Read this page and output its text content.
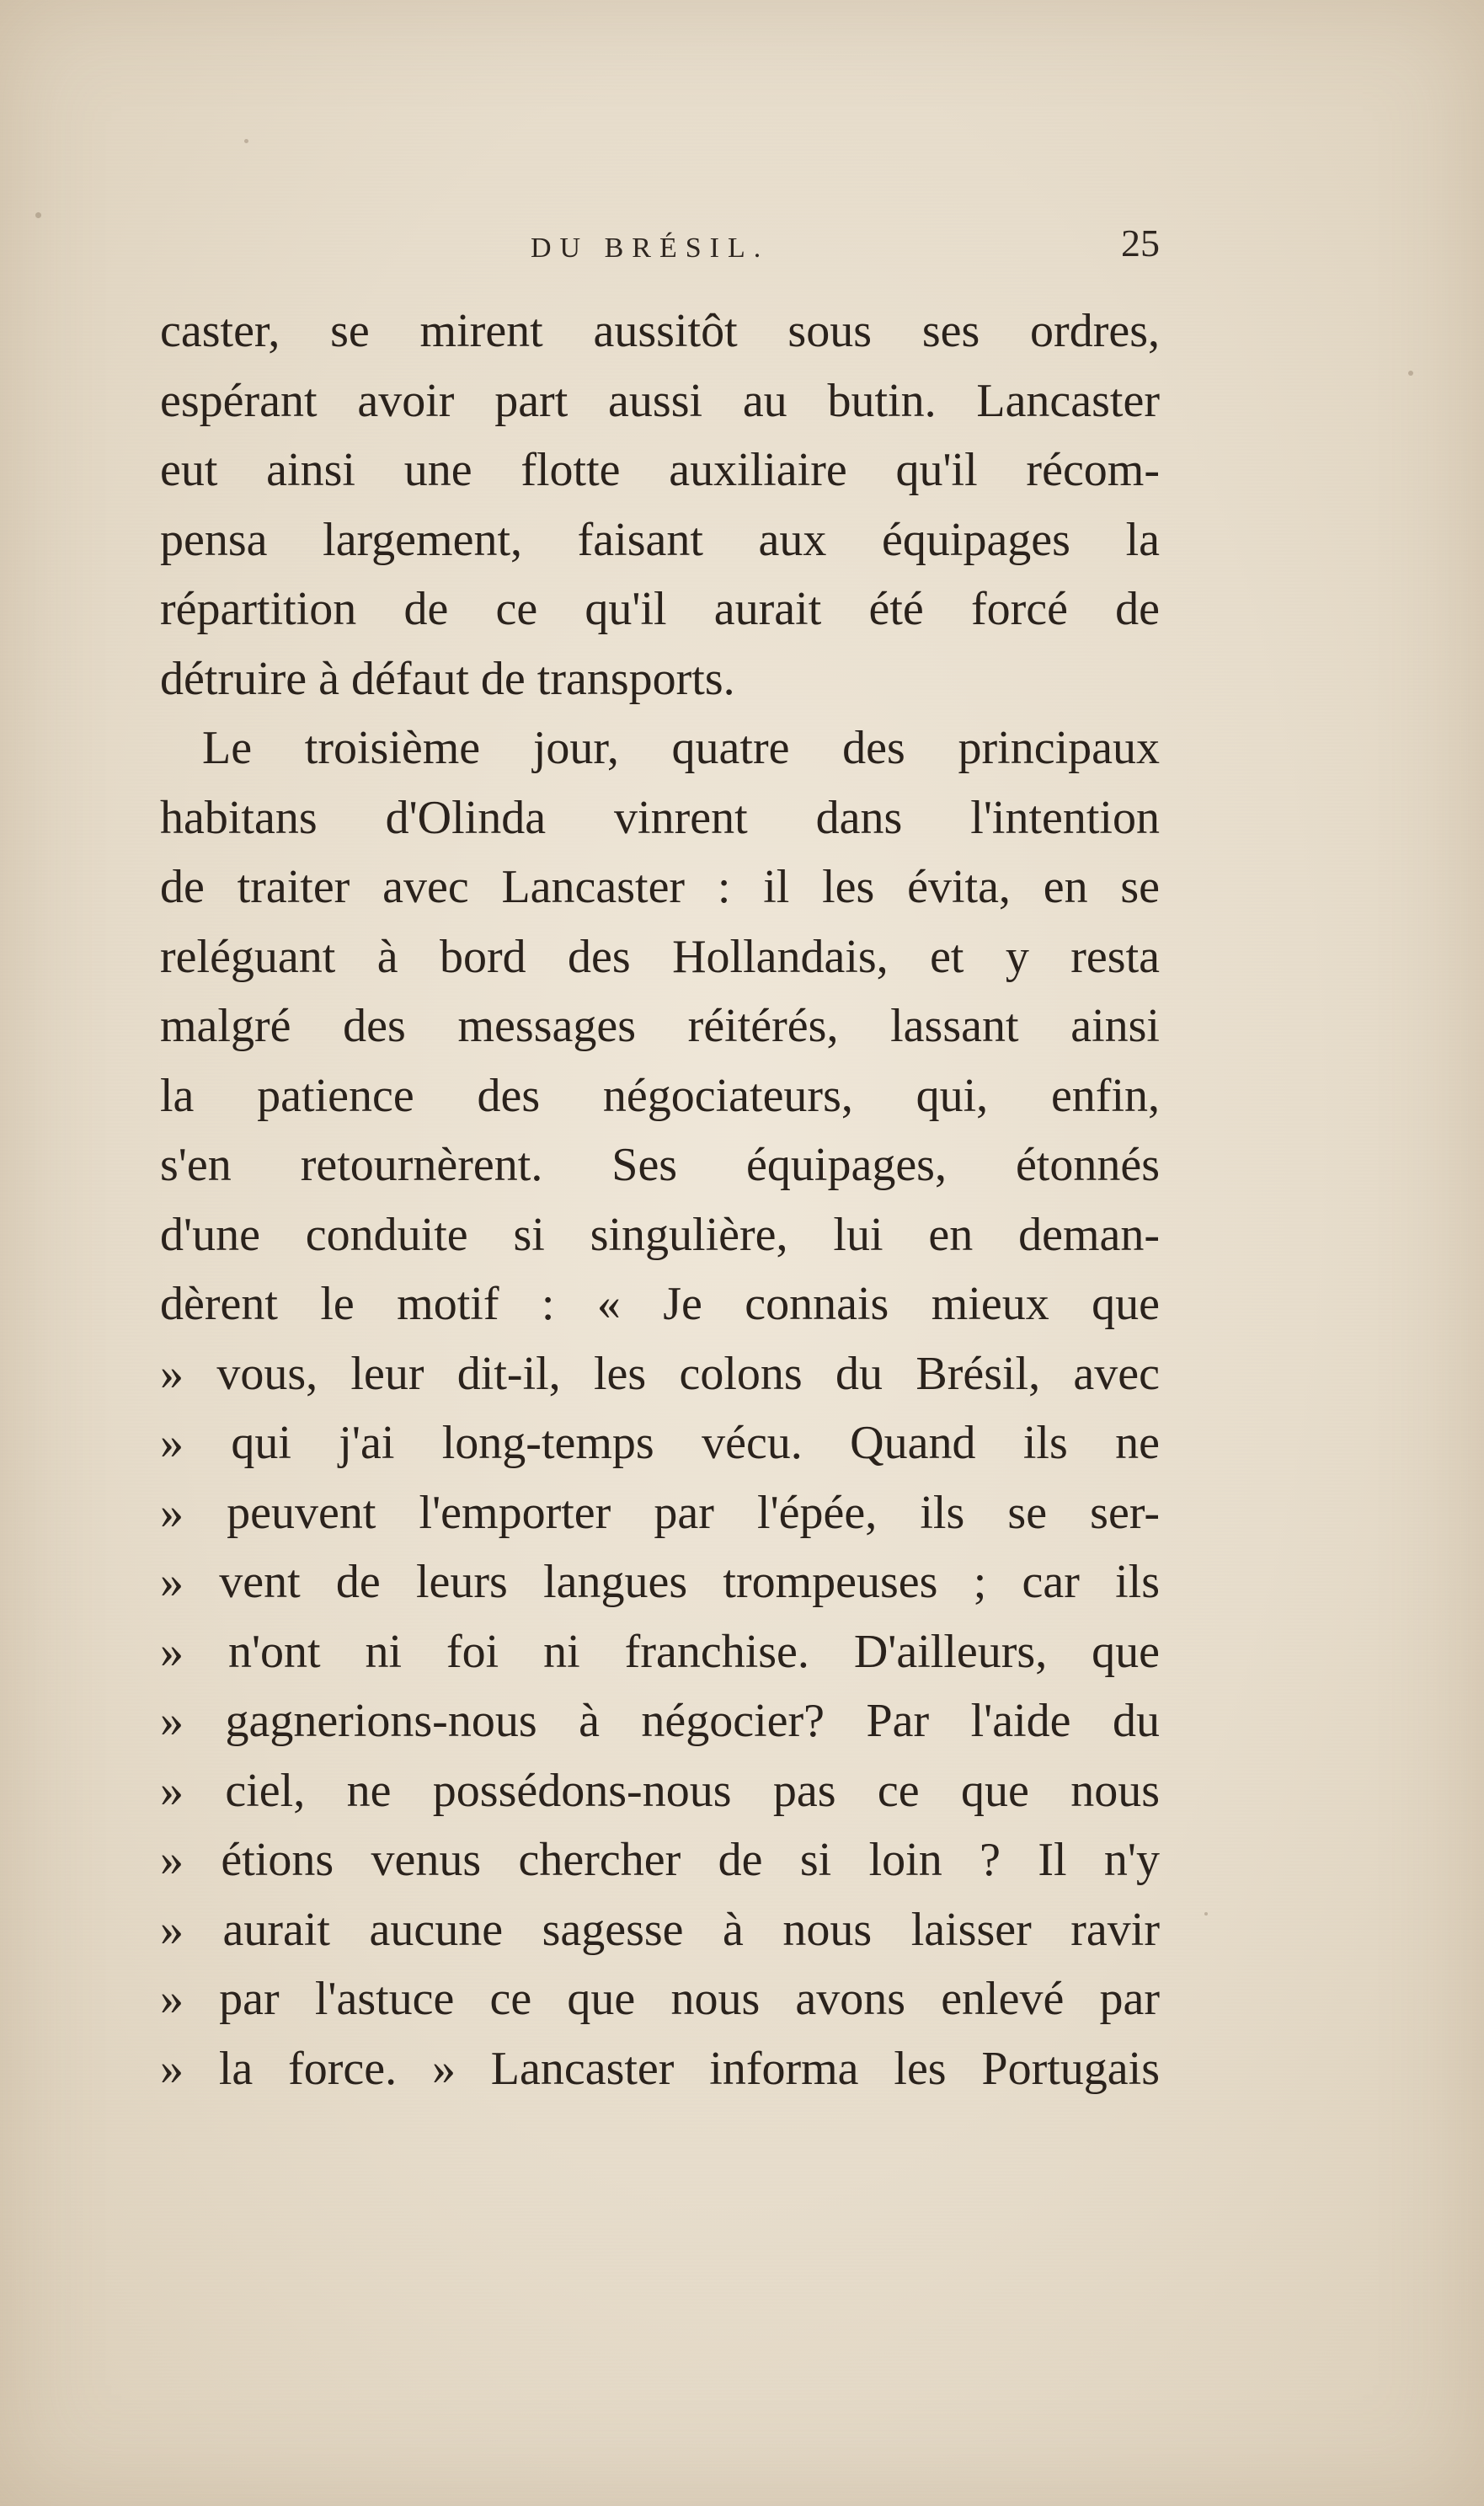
DU BRÉSIL.	25
caster, se mirent aussitôt sous ses ordres,
espérant avoir part aussi au butin. Lancaster
eut ainsi une flotte auxiliaire qu'il récom-
pensa largement, faisant aux équipages la
répartition de ce qu'il aurait été forcé de
détruire à défaut de transports.
Le troisième jour, quatre des principaux
habitans d'Olinda vinrent dans l'intention
de traiter avec Lancaster : il les évita, en se
reléguant à bord des Hollandais, et y resta
malgré des messages réitérés, lassant ainsi
la patience des négociateurs, qui, enfin,
s'en retournèrent. Ses équipages, étonnés
d'une conduite si singulière, lui en deman-
dèrent le motif : « Je connais mieux que
» vous, leur dit-il, les colons du Brésil, avec
» qui j'ai long-temps vécu. Quand ils ne
» peuvent l'emporter par l'épée, ils se ser-
» vent de leurs langues trompeuses ; car ils
» n'ont ni foi ni franchise. D'ailleurs, que
» gagnerions-nous à négocier? Par l'aide du
» ciel, ne possédons-nous pas ce que nous
» étions venus chercher de si loin ? Il n'y
» aurait aucune sagesse à nous laisser ravir
» par l'astuce ce que nous avons enlevé par
» la force. » Lancaster informa les Portugais
